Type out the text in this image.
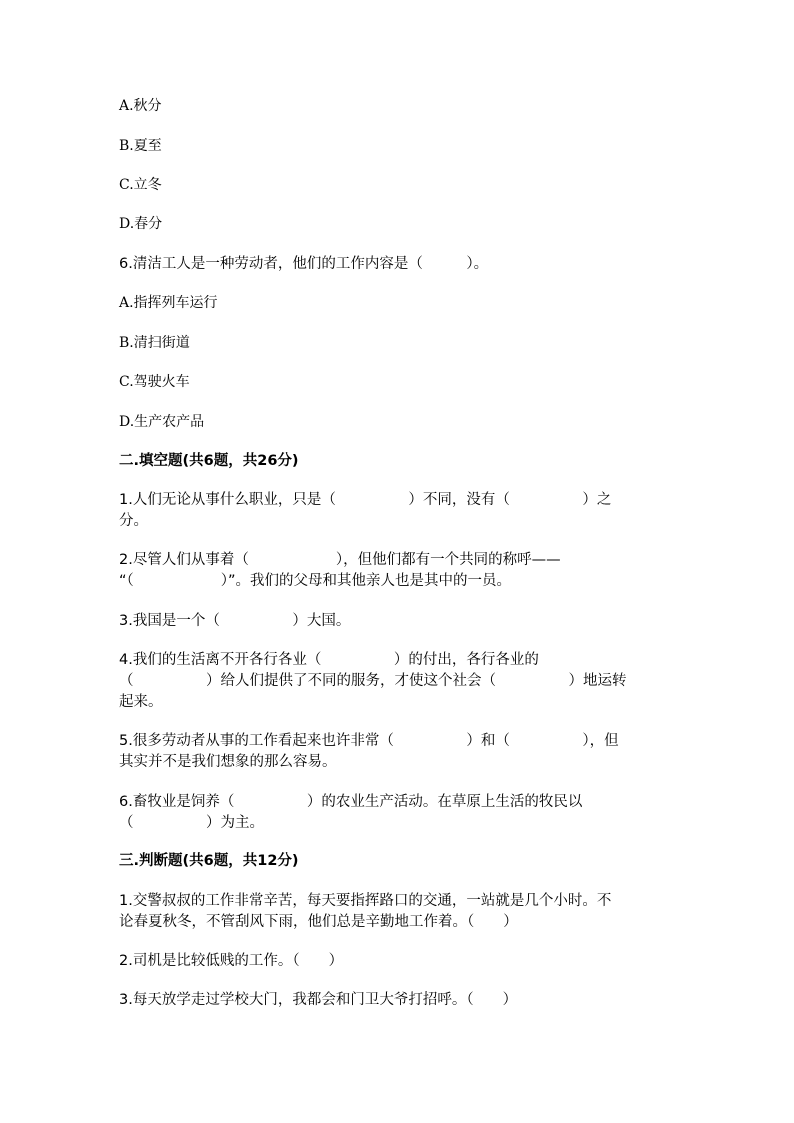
A.秋分
B.夏至
C.立冬
D.春分
6.清洁工人是一种劳动者，他们的工作内容是（　　　）。
A.指挥列车运行
B.清扫街道
C.驾驶火车
D.生产农产品
二.填空题(共6题，共26分)
1.人们无论从事什么职业，只是（　　　　　）不同，没有（　　　　　）之
分。
2.尽管人们从事着（　　　　　　），但他们都有一个共同的称呼——
“（　　　　　　）”。我们的父母和其他亲人也是其中的一员。
3.我国是一个（　　　　　）大国。
4.我们的生活离不开各行各业（　　　　　）的付出，各行各业的
（　　　　　）给人们提供了不同的服务，才使这个社会（　　　　　）地运转
起来。
5.很多劳动者从事的工作看起来也许非常（　　　　　）和（　　　　　），但
其实并不是我们想象的那么容易。
6.畜牧业是饲养（　　　　　）的农业生产活动。在草原上生活的牧民以
（　　　　　）为主。
三.判断题(共6题，共12分)
1.交警叔叔的工作非常辛苦，每天要指挥路口的交通，一站就是几个小时。不
论春夏秋冬，不管刮风下雨，他们总是辛勤地工作着。（　　）
2.司机是比较低贱的工作。（　　）
3.每天放学走过学校大门，我都会和门卫大爷打招呼。（　　）
